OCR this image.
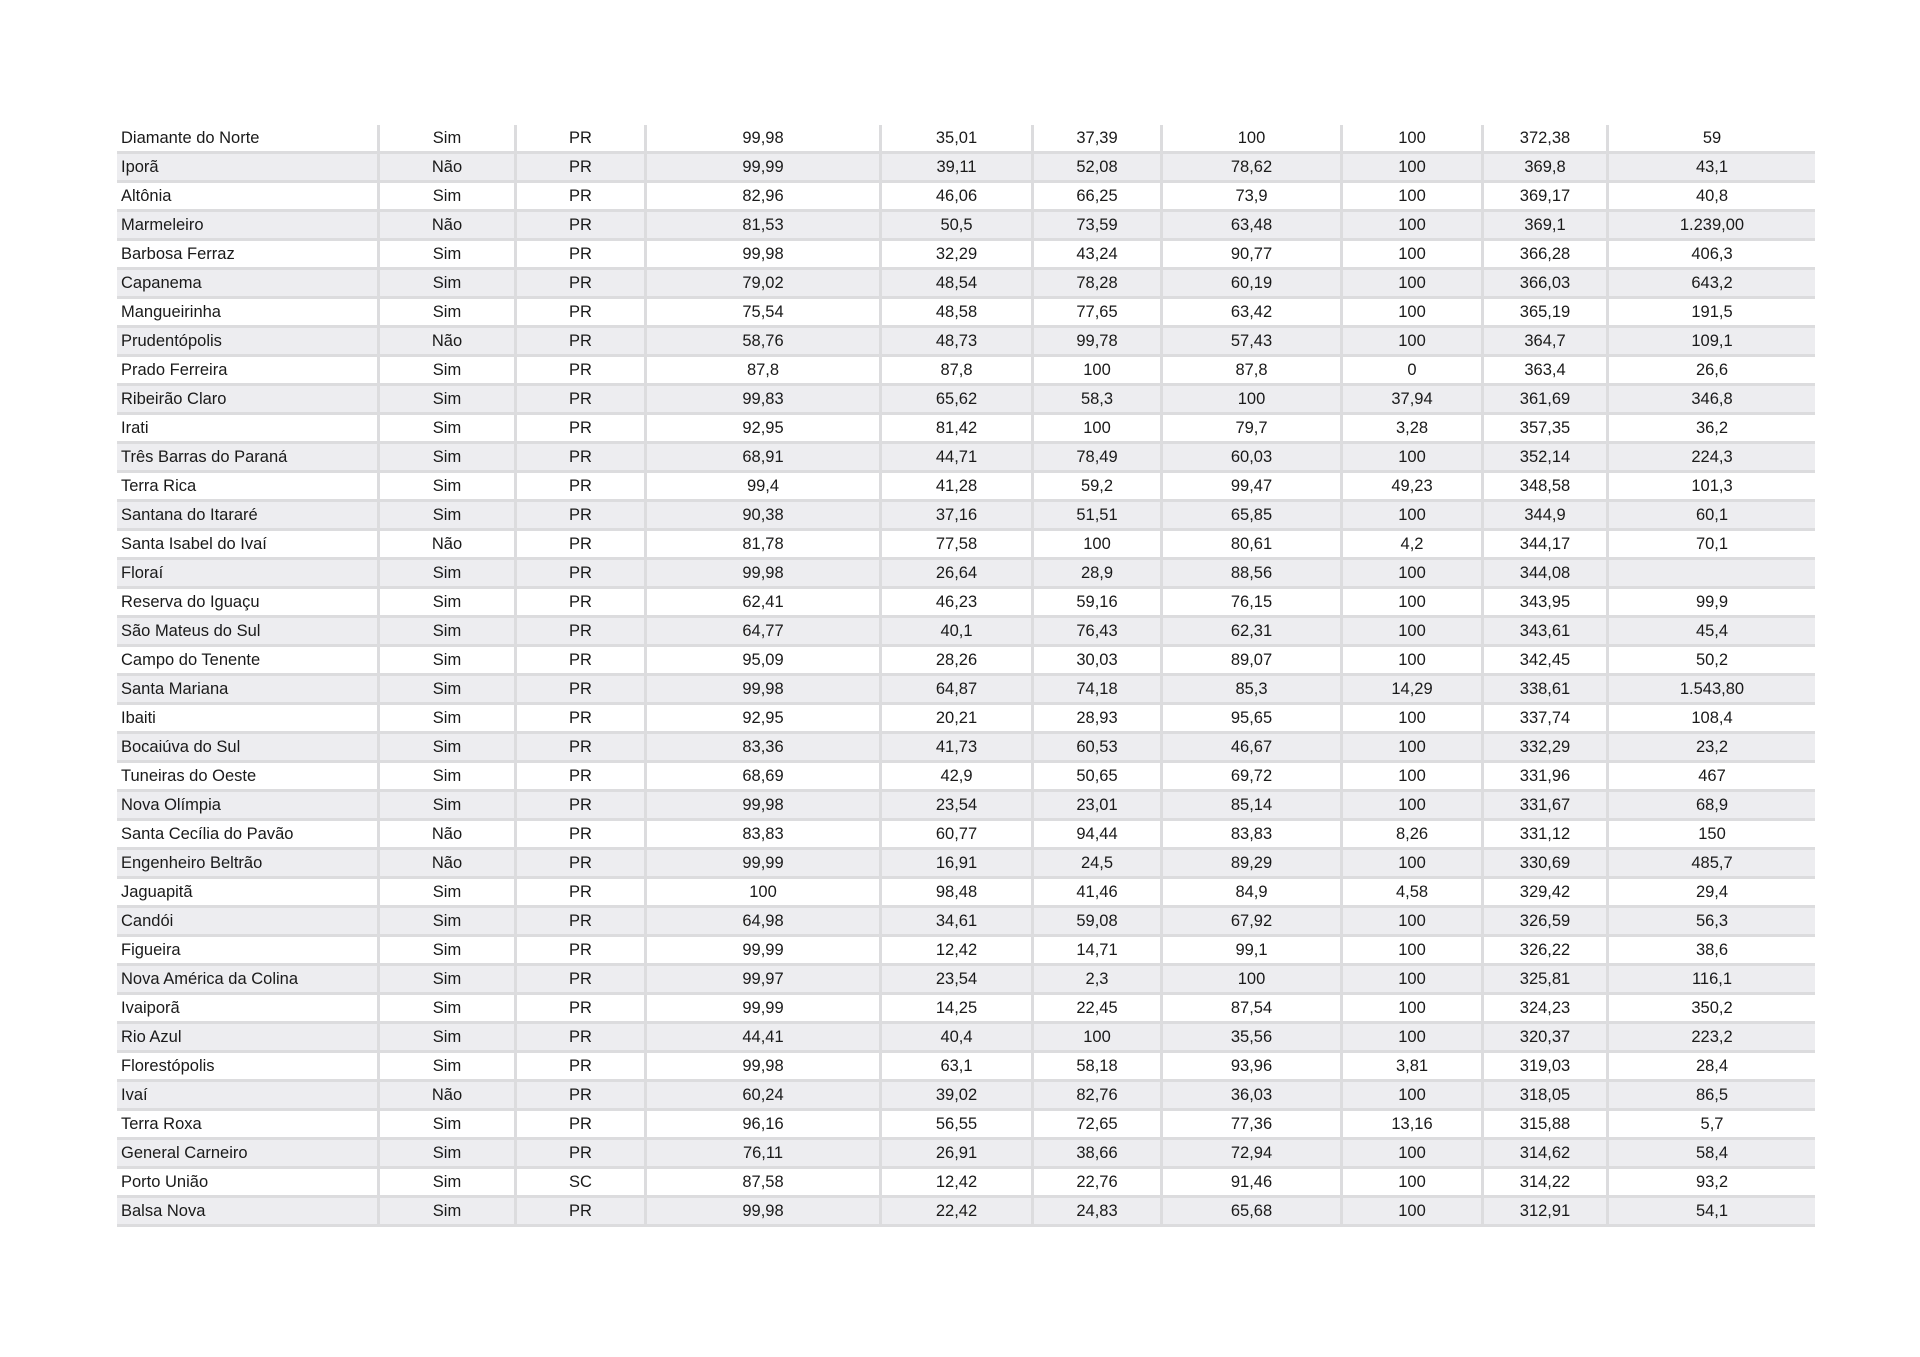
Diamante do Norte	Sim	PR	99,98	35,01	37,39	100	100	372,38	59
Iporã	Não	PR	99,99	39,11	52,08	78,62	100	369,8	43,1
Altônia	Sim	PR	82,96	46,06	66,25	73,9	100	369,17	40,8
Marmeleiro	Não	PR	81,53	50,5	73,59	63,48	100	369,1	1.239,00
Barbosa Ferraz	Sim	PR	99,98	32,29	43,24	90,77	100	366,28	406,3
Capanema	Sim	PR	79,02	48,54	78,28	60,19	100	366,03	643,2
Mangueirinha	Sim	PR	75,54	48,58	77,65	63,42	100	365,19	191,5
Prudentópolis	Não	PR	58,76	48,73	99,78	57,43	100	364,7	109,1
Prado Ferreira	Sim	PR	87,8	87,8	100	87,8	0	363,4	26,6
Ribeirão Claro	Sim	PR	99,83	65,62	58,3	100	37,94	361,69	346,8
Irati	Sim	PR	92,95	81,42	100	79,7	3,28	357,35	36,2
Três Barras do Paraná	Sim	PR	68,91	44,71	78,49	60,03	100	352,14	224,3
Terra Rica	Sim	PR	99,4	41,28	59,2	99,47	49,23	348,58	101,3
Santana do Itararé	Sim	PR	90,38	37,16	51,51	65,85	100	344,9	60,1
Santa Isabel do Ivaí	Não	PR	81,78	77,58	100	80,61	4,2	344,17	70,1
Floraí	Sim	PR	99,98	26,64	28,9	88,56	100	344,08	
Reserva do Iguaçu	Sim	PR	62,41	46,23	59,16	76,15	100	343,95	99,9
São Mateus do Sul	Sim	PR	64,77	40,1	76,43	62,31	100	343,61	45,4
Campo do Tenente	Sim	PR	95,09	28,26	30,03	89,07	100	342,45	50,2
Santa Mariana	Sim	PR	99,98	64,87	74,18	85,3	14,29	338,61	1.543,80
Ibaiti	Sim	PR	92,95	20,21	28,93	95,65	100	337,74	108,4
Bocaiúva do Sul	Sim	PR	83,36	41,73	60,53	46,67	100	332,29	23,2
Tuneiras do Oeste	Sim	PR	68,69	42,9	50,65	69,72	100	331,96	467
Nova Olímpia	Sim	PR	99,98	23,54	23,01	85,14	100	331,67	68,9
Santa Cecília do Pavão	Não	PR	83,83	60,77	94,44	83,83	8,26	331,12	150
Engenheiro Beltrão	Não	PR	99,99	16,91	24,5	89,29	100	330,69	485,7
Jaguapitã	Sim	PR	100	98,48	41,46	84,9	4,58	329,42	29,4
Candói	Sim	PR	64,98	34,61	59,08	67,92	100	326,59	56,3
Figueira	Sim	PR	99,99	12,42	14,71	99,1	100	326,22	38,6
Nova América da Colina	Sim	PR	99,97	23,54	2,3	100	100	325,81	116,1
Ivaiporã	Sim	PR	99,99	14,25	22,45	87,54	100	324,23	350,2
Rio Azul	Sim	PR	44,41	40,4	100	35,56	100	320,37	223,2
Florestópolis	Sim	PR	99,98	63,1	58,18	93,96	3,81	319,03	28,4
Ivaí	Não	PR	60,24	39,02	82,76	36,03	100	318,05	86,5
Terra Roxa	Sim	PR	96,16	56,55	72,65	77,36	13,16	315,88	5,7
General Carneiro	Sim	PR	76,11	26,91	38,66	72,94	100	314,62	58,4
Porto União	Sim	SC	87,58	12,42	22,76	91,46	100	314,22	93,2
Balsa Nova	Sim	PR	99,98	22,42	24,83	65,68	100	312,91	54,1
